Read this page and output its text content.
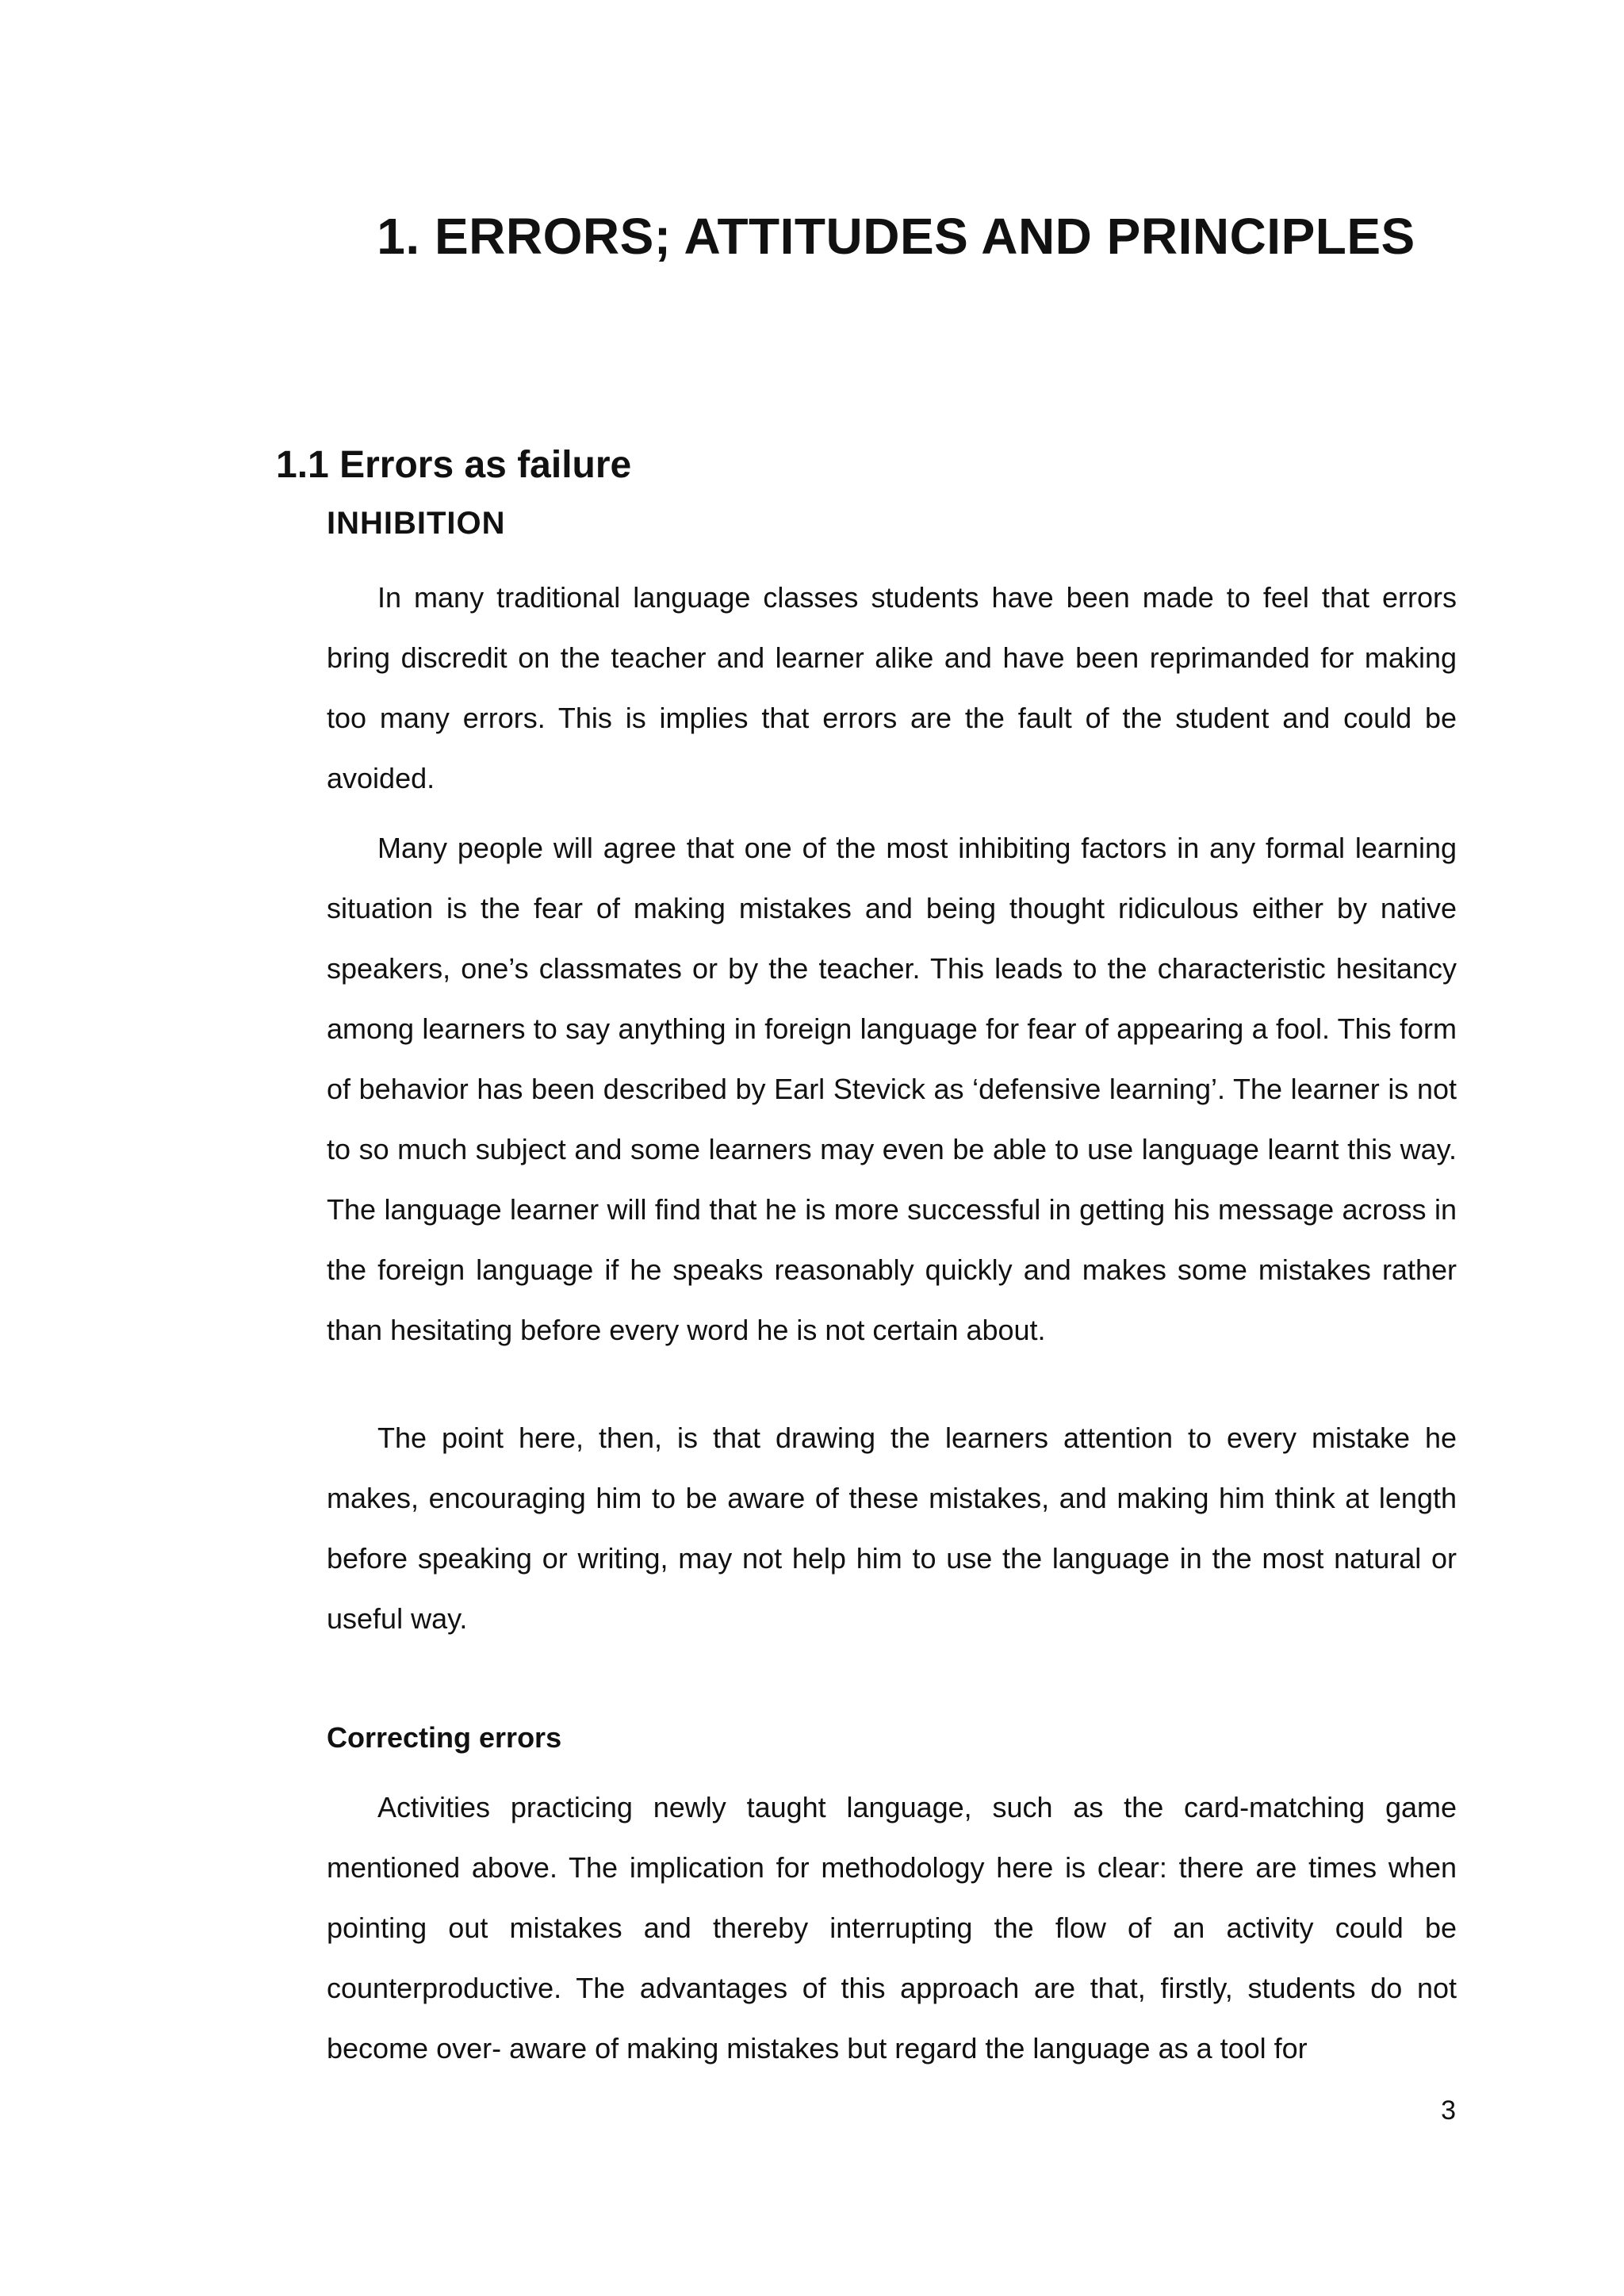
1. ERRORS; ATTITUDES AND PRINCIPLES
1.1 Errors as failure
INHIBITION

In many traditional language classes students have been made to feel that errors bring discredit on the teacher and learner alike and have been reprimanded for making too many errors. This is implies that errors are the fault of the student and could be avoided.

Many people will agree that one of the most inhibiting factors in any formal learning situation is the fear of making mistakes and being thought ridiculous either by native speakers, one’s classmates or by the teacher. This leads to the characteristic hesitancy among learners to say anything in foreign language for fear of appearing a fool. This form of behavior has been described by Earl Stevick as ‘defensive learning’. The learner is not to so much subject and some learners may even be able to use language learnt this way. The language learner will find that he is more successful in getting his message across in the foreign language if he speaks reasonably quickly and makes some mistakes rather than hesitating before every word he is not certain about.

The point here, then, is that drawing the learners attention to every mistake he makes, encouraging him to be aware of these mistakes, and making him think at length before speaking or writing, may not help him to use the language in the most natural or useful way.

Correcting errors

Activities practicing newly taught language, such as the card-matching game mentioned above. The implication for methodology here is clear: there are times when pointing out mistakes and thereby interrupting the flow of an activity could be counterproductive. The advantages of this approach are that, firstly, students do not become over- aware of making mistakes but regard the language as a tool for

3
